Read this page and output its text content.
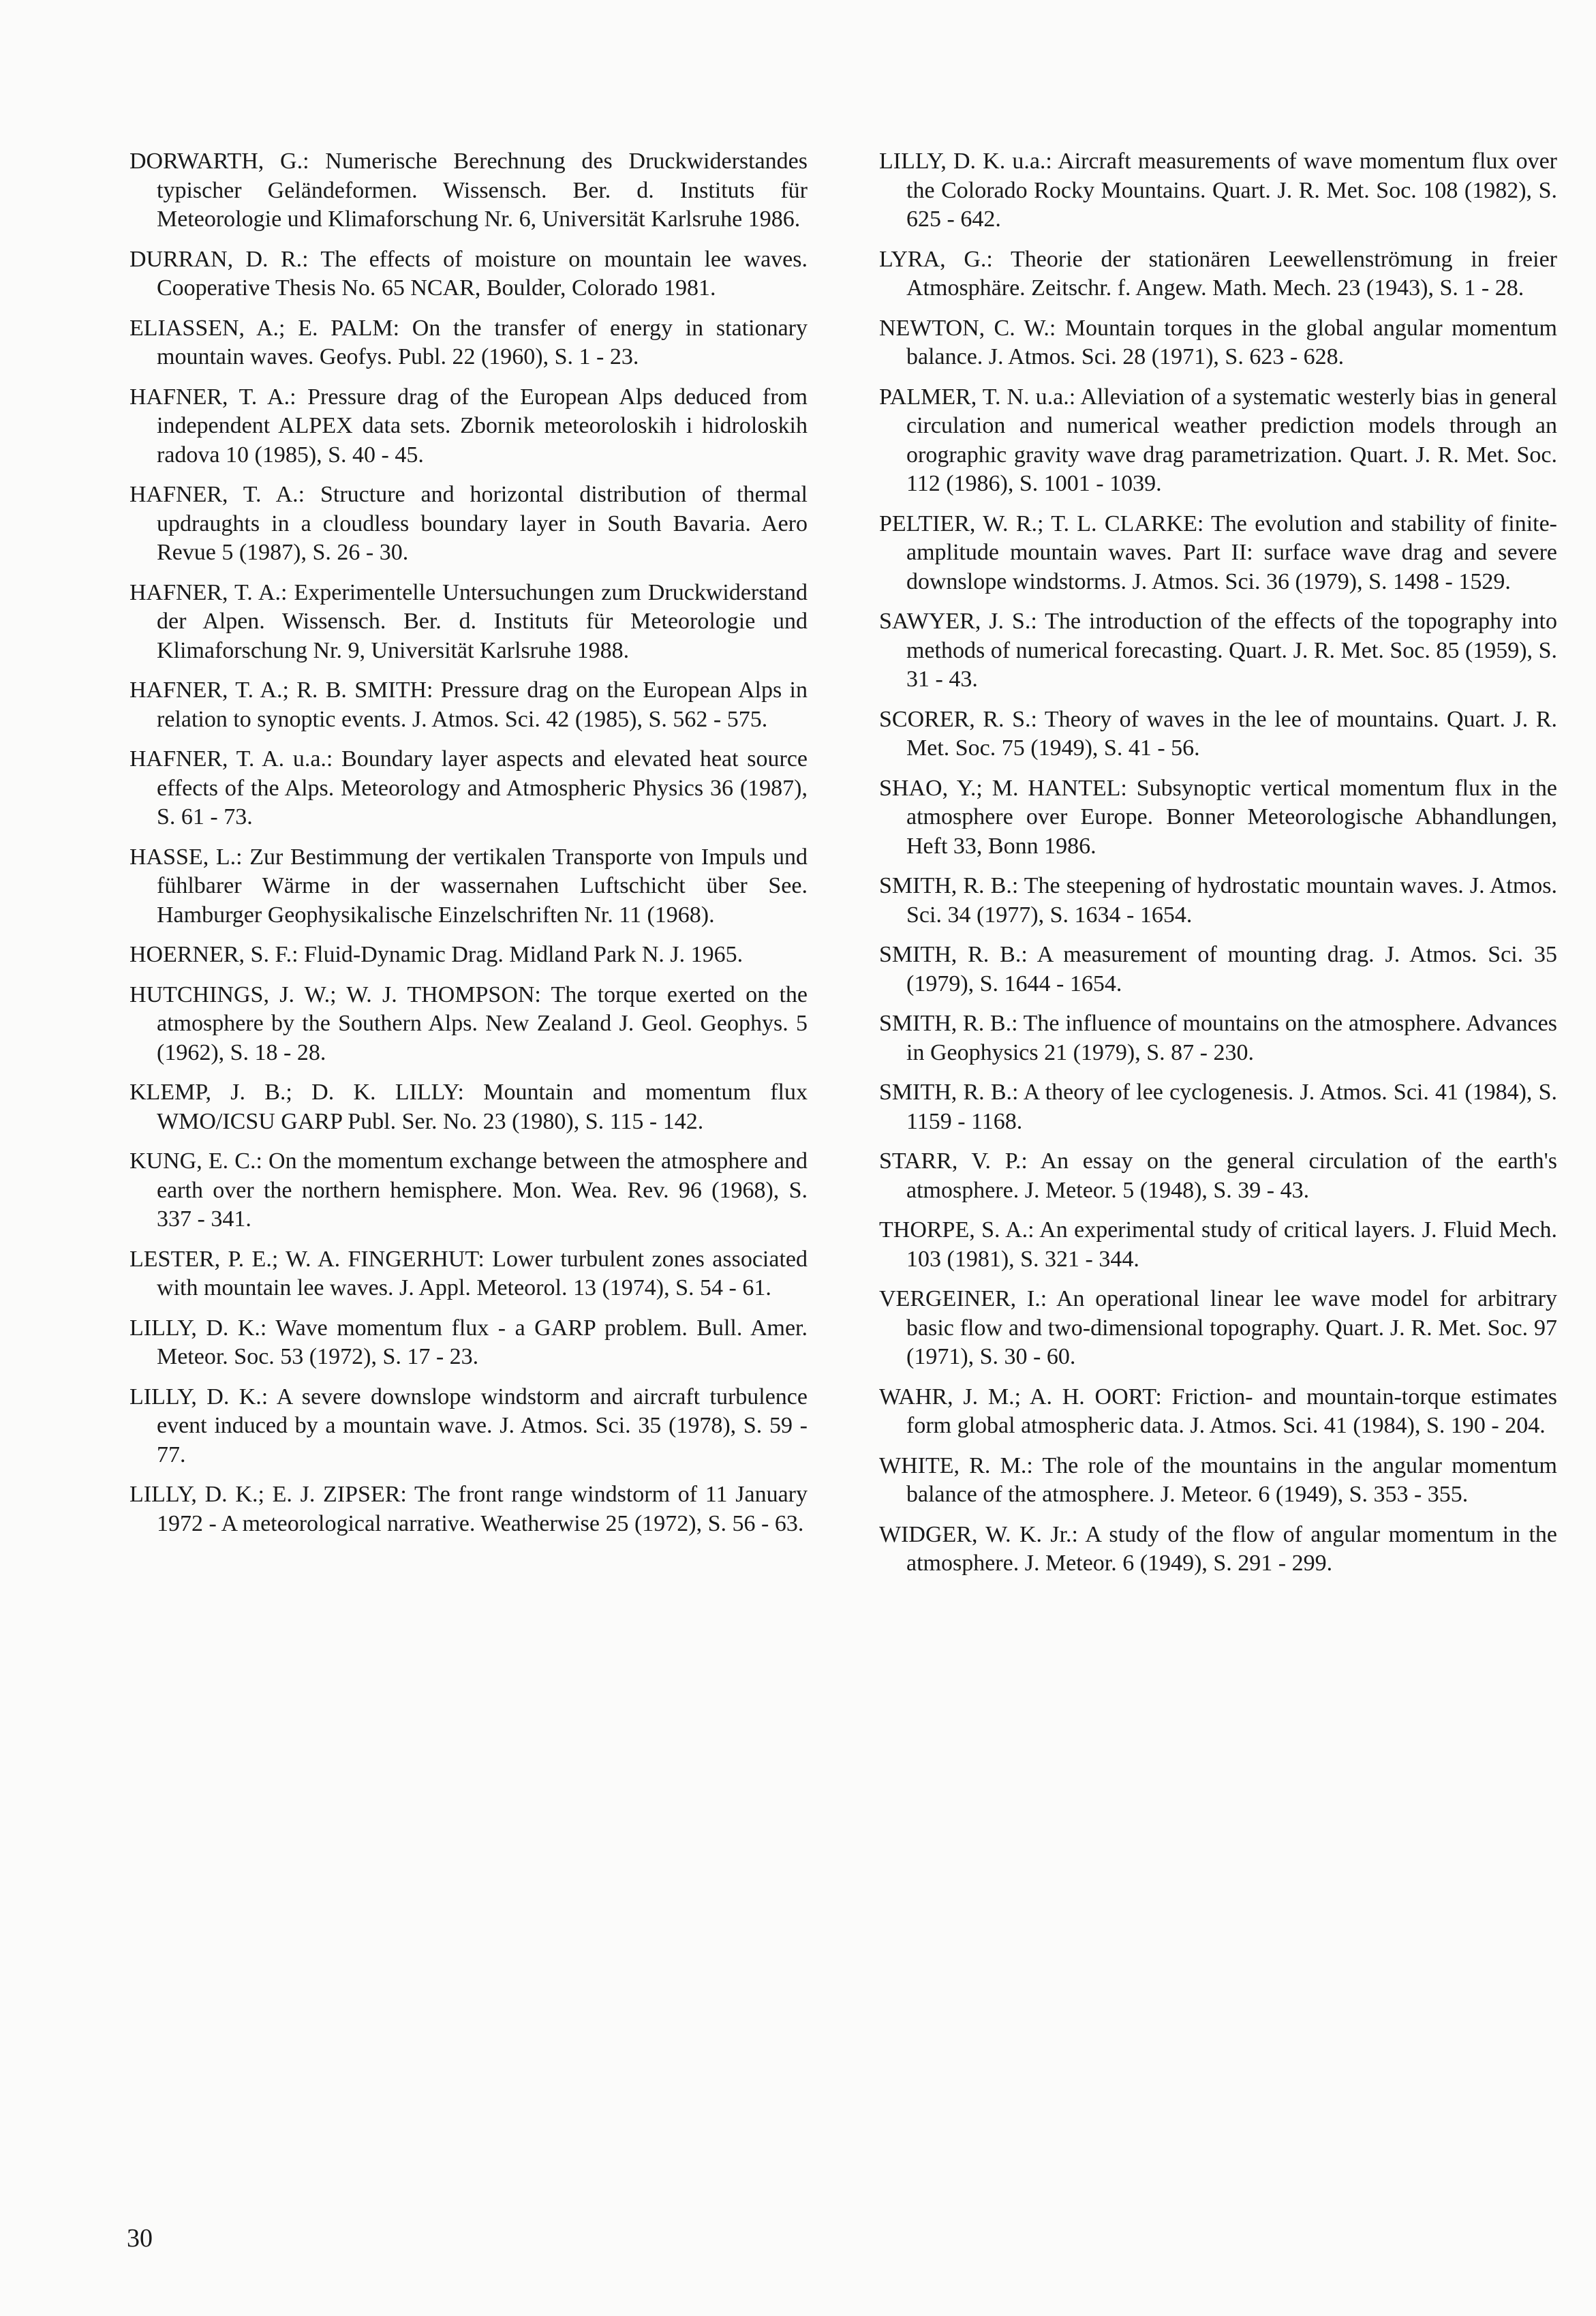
DORWARTH, G.: Numerische Berechnung des Druckwiderstandes typischer Geländeformen. Wissensch. Ber. d. Instituts für Meteorologie und Klimaforschung Nr. 6, Universität Karlsruhe 1986.

DURRAN, D. R.: The effects of moisture on mountain lee waves. Cooperative Thesis No. 65 NCAR, Boulder, Colorado 1981.

ELIASSEN, A.; E. PALM: On the transfer of energy in stationary mountain waves. Geofys. Publ. 22 (1960), S. 1 - 23.

HAFNER, T. A.: Pressure drag of the European Alps deduced from independent ALPEX data sets. Zbornik meteoroloskih i hidroloskih radova 10 (1985), S. 40 - 45.

HAFNER, T. A.: Structure and horizontal distribution of thermal updraughts in a cloudless boundary layer in South Bavaria. Aero Revue 5 (1987), S. 26 - 30.

HAFNER, T. A.: Experimentelle Untersuchungen zum Druckwiderstand der Alpen. Wissensch. Ber. d. Instituts für Meteorologie und Klimaforschung Nr. 9, Universität Karlsruhe 1988.

HAFNER, T. A.; R. B. SMITH: Pressure drag on the European Alps in relation to synoptic events. J. Atmos. Sci. 42 (1985), S. 562 - 575.

HAFNER, T. A. u.a.: Boundary layer aspects and elevated heat source effects of the Alps. Meteorology and Atmospheric Physics 36 (1987), S. 61 - 73.

HASSE, L.: Zur Bestimmung der vertikalen Transporte von Impuls und fühlbarer Wärme in der wassernahen Luftschicht über See. Hamburger Geophysikalische Einzelschriften Nr. 11 (1968).

HOERNER, S. F.: Fluid-Dynamic Drag. Midland Park N. J. 1965.

HUTCHINGS, J. W.; W. J. THOMPSON: The torque exerted on the atmosphere by the Southern Alps. New Zealand J. Geol. Geophys. 5 (1962), S. 18 - 28.

KLEMP, J. B.; D. K. LILLY: Mountain and momentum flux WMO/ICSU GARP Publ. Ser. No. 23 (1980), S. 115 - 142.

KUNG, E. C.: On the momentum exchange between the atmosphere and earth over the northern hemisphere. Mon. Wea. Rev. 96 (1968), S. 337 - 341.

LESTER, P. E.; W. A. FINGERHUT: Lower turbulent zones associated with mountain lee waves. J. Appl. Meteorol. 13 (1974), S. 54 - 61.

LILLY, D. K.: Wave momentum flux - a GARP problem. Bull. Amer. Meteor. Soc. 53 (1972), S. 17 - 23.

LILLY, D. K.: A severe downslope windstorm and aircraft turbulence event induced by a mountain wave. J. Atmos. Sci. 35 (1978), S. 59 - 77.

LILLY, D. K.; E. J. ZIPSER: The front range windstorm of 11 January 1972 - A meteorological narrative. Weatherwise 25 (1972), S. 56 - 63.

LILLY, D. K. u.a.: Aircraft measurements of wave momentum flux over the Colorado Rocky Mountains. Quart. J. R. Met. Soc. 108 (1982), S. 625 - 642.

LYRA, G.: Theorie der stationären Leewellenströmung in freier Atmosphäre. Zeitschr. f. Angew. Math. Mech. 23 (1943), S. 1 - 28.

NEWTON, C. W.: Mountain torques in the global angular momentum balance. J. Atmos. Sci. 28 (1971), S. 623 - 628.

PALMER, T. N. u.a.: Alleviation of a systematic westerly bias in general circulation and numerical weather prediction models through an orographic gravity wave drag parametrization. Quart. J. R. Met. Soc. 112 (1986), S. 1001 - 1039.

PELTIER, W. R.; T. L. CLARKE: The evolution and stability of finite-amplitude mountain waves. Part II: surface wave drag and severe downslope windstorms. J. Atmos. Sci. 36 (1979), S. 1498 - 1529.

SAWYER, J. S.: The introduction of the effects of the topography into methods of numerical forecasting. Quart. J. R. Met. Soc. 85 (1959), S. 31 - 43.

SCORER, R. S.: Theory of waves in the lee of mountains. Quart. J. R. Met. Soc. 75 (1949), S. 41 - 56.

SHAO, Y.; M. HANTEL: Subsynoptic vertical momentum flux in the atmosphere over Europe. Bonner Meteorologische Abhandlungen, Heft 33, Bonn 1986.

SMITH, R. B.: The steepening of hydrostatic mountain waves. J. Atmos. Sci. 34 (1977), S. 1634 - 1654.

SMITH, R. B.: A measurement of mounting drag. J. Atmos. Sci. 35 (1979), S. 1644 - 1654.

SMITH, R. B.: The influence of mountains on the atmosphere. Advances in Geophysics 21 (1979), S. 87 - 230.

SMITH, R. B.: A theory of lee cyclogenesis. J. Atmos. Sci. 41 (1984), S. 1159 - 1168.

STARR, V. P.: An essay on the general circulation of the earth's atmosphere. J. Meteor. 5 (1948), S. 39 - 43.

THORPE, S. A.: An experimental study of critical layers. J. Fluid Mech. 103 (1981), S. 321 - 344.

VERGEINER, I.: An operational linear lee wave model for arbitrary basic flow and two-dimensional topography. Quart. J. R. Met. Soc. 97 (1971), S. 30 - 60.

WAHR, J. M.; A. H. OORT: Friction- and mountain-torque estimates form global atmospheric data. J. Atmos. Sci. 41 (1984), S. 190 - 204.

WHITE, R. M.: The role of the mountains in the angular momentum balance of the atmosphere. J. Meteor. 6 (1949), S. 353 - 355.

WIDGER, W. K. Jr.: A study of the flow of angular momentum in the atmosphere. J. Meteor. 6 (1949), S. 291 - 299.

30
